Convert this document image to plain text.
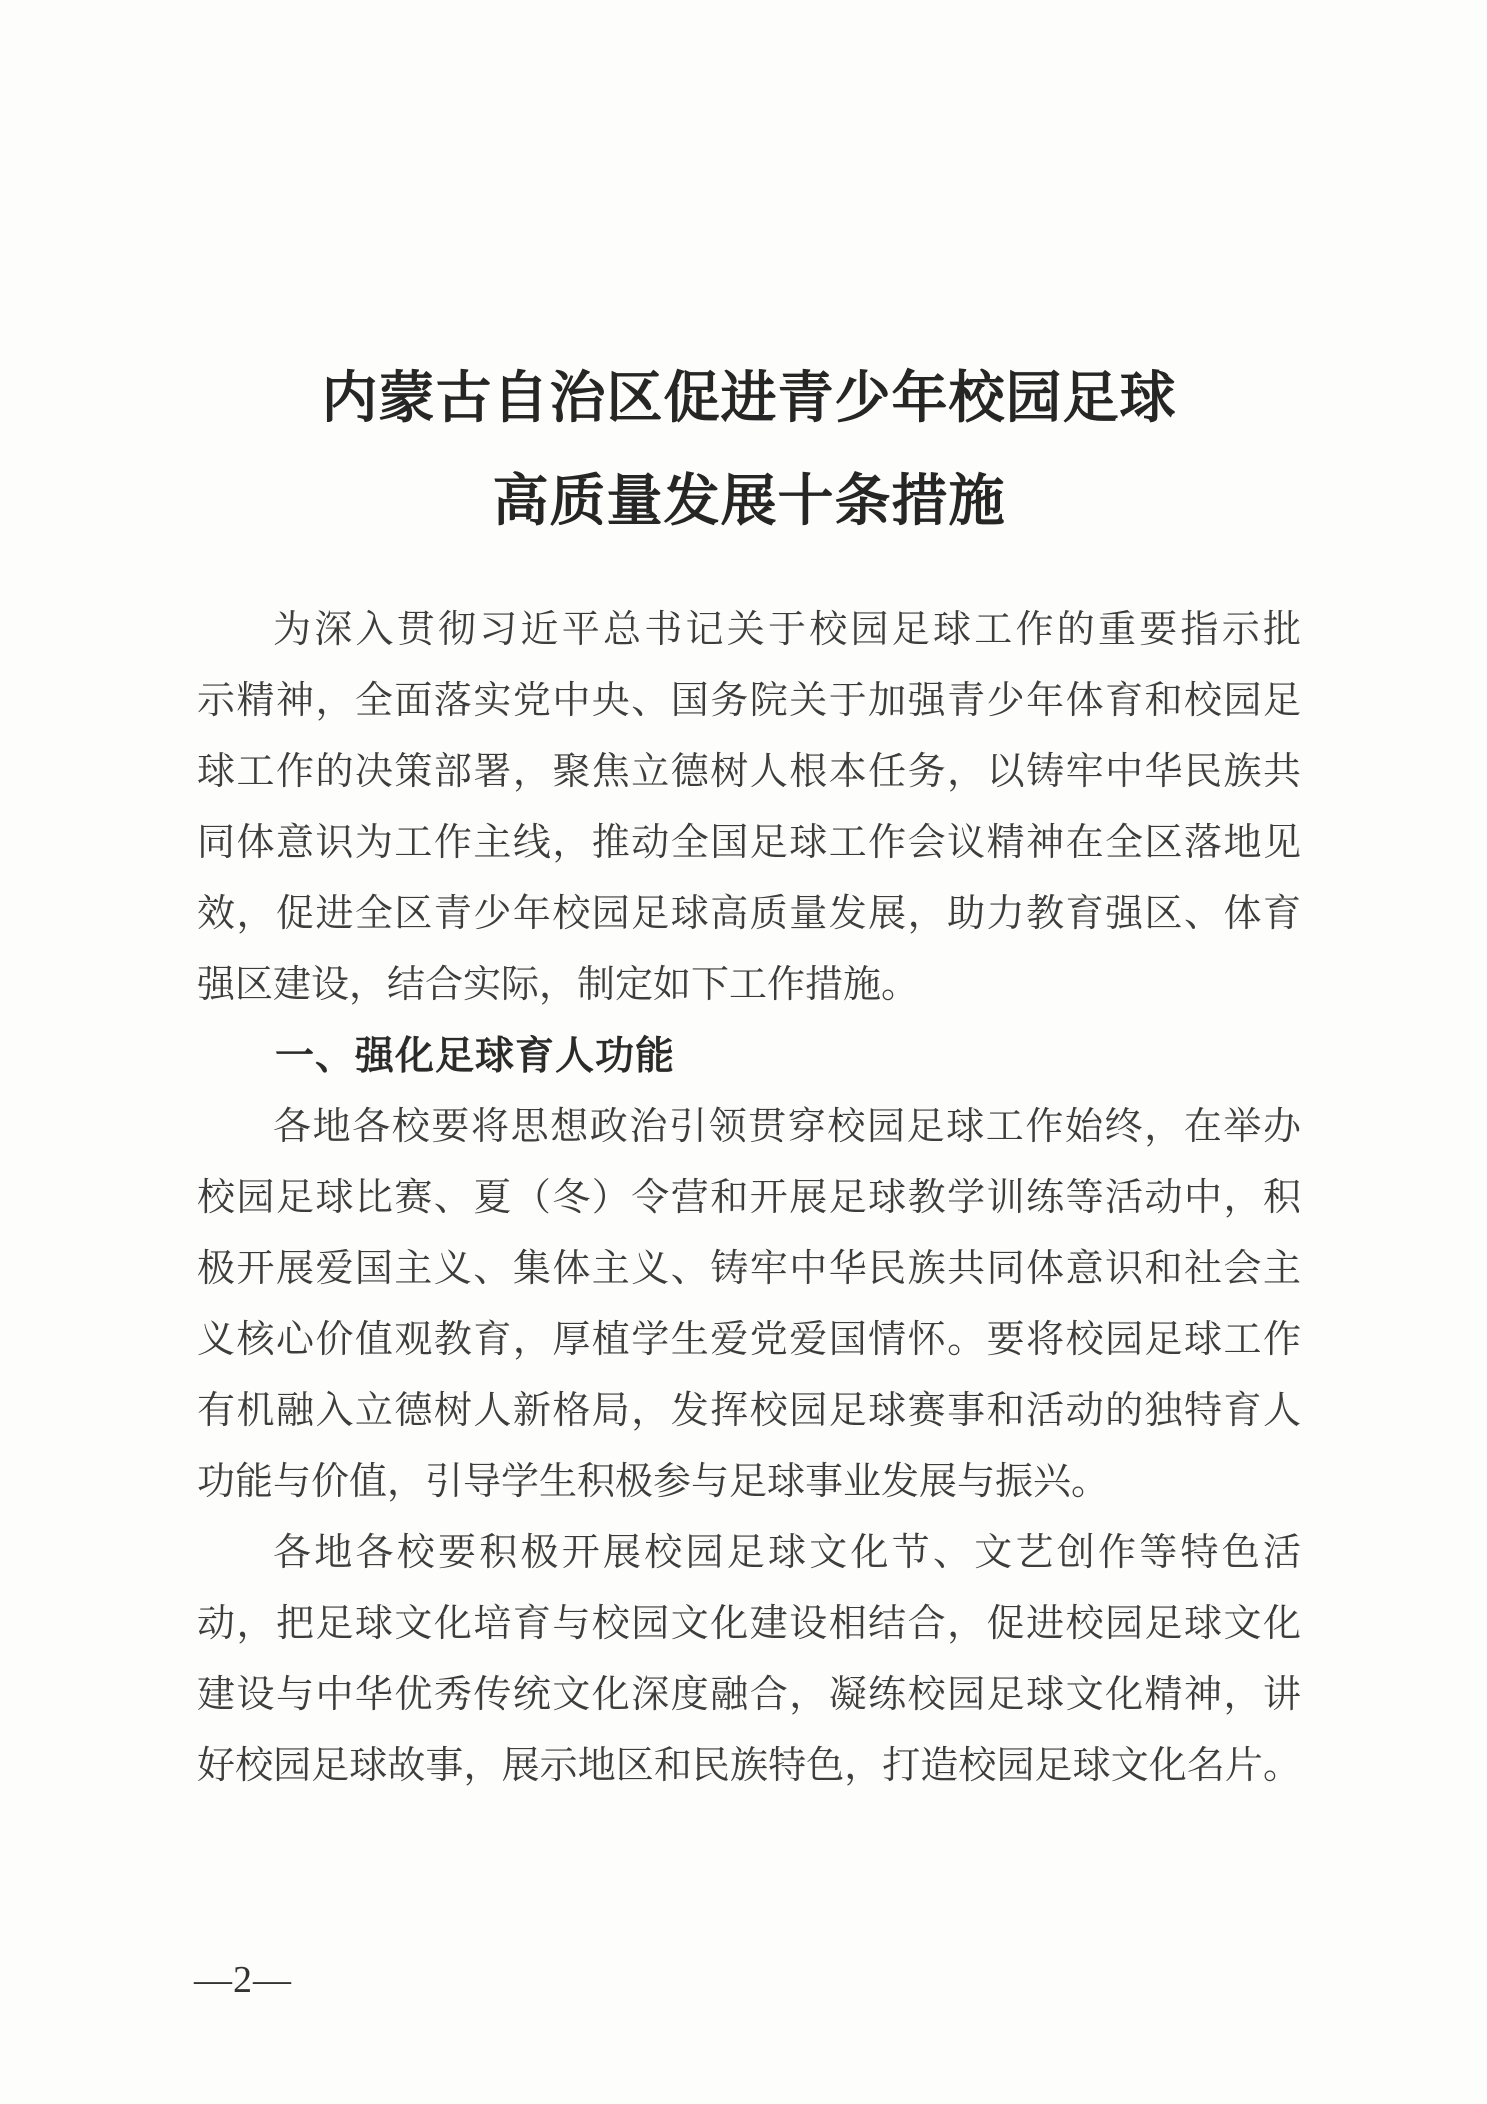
内蒙古自治区促进青少年校园足球
高质量发展十条措施
为深入贯彻习近平总书记关于校园足球工作的重要指示批
示精神，全面落实党中央、国务院关于加强青少年体育和校园足
球工作的决策部署，聚焦立德树人根本任务，以铸牢中华民族共
同体意识为工作主线，推动全国足球工作会议精神在全区落地见
效，促进全区青少年校园足球高质量发展，助力教育强区、体育
强区建设，结合实际，制定如下工作措施。
一、强化足球育人功能
各地各校要将思想政治引领贯穿校园足球工作始终，在举办
校园足球比赛、夏（冬）令营和开展足球教学训练等活动中，积
极开展爱国主义、集体主义、铸牢中华民族共同体意识和社会主
义核心价值观教育，厚植学生爱党爱国情怀。要将校园足球工作
有机融入立德树人新格局，发挥校园足球赛事和活动的独特育人
功能与价值，引导学生积极参与足球事业发展与振兴。
各地各校要积极开展校园足球文化节、文艺创作等特色活
动，把足球文化培育与校园文化建设相结合，促进校园足球文化
建设与中华优秀传统文化深度融合，凝练校园足球文化精神，讲
好校园足球故事，展示地区和民族特色，打造校园足球文化名片。
—2—
